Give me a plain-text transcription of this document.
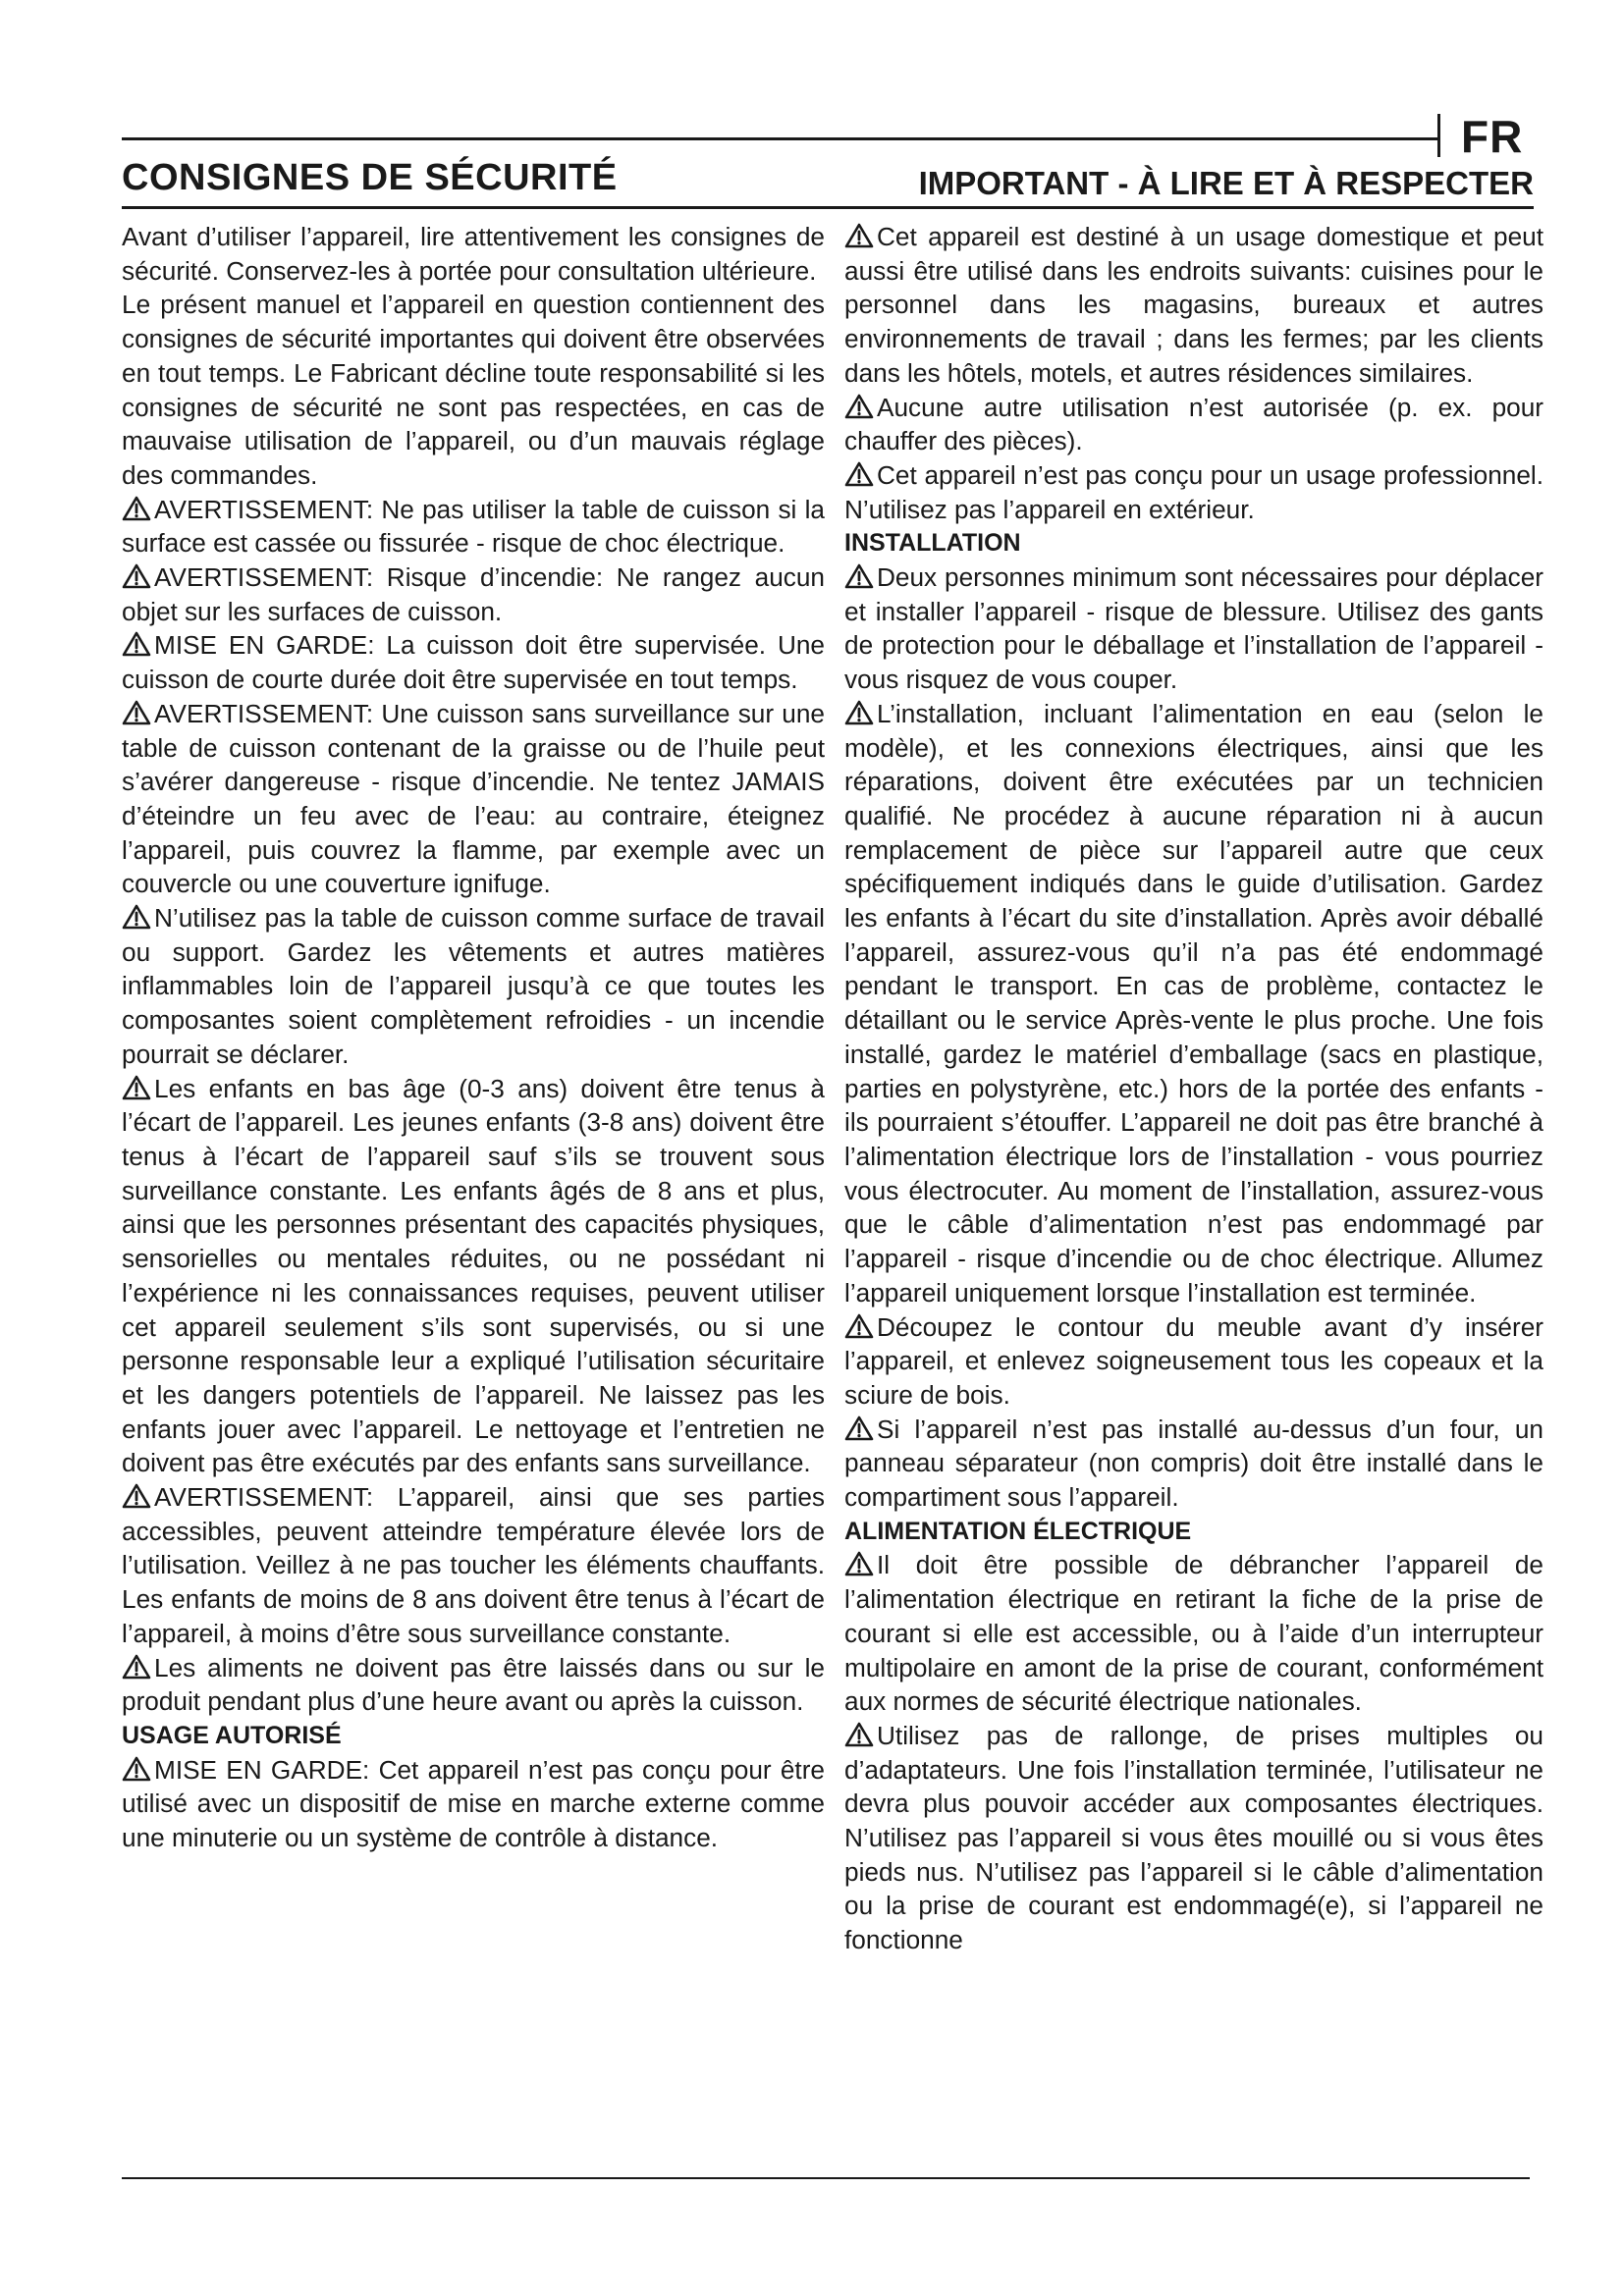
FR
CONSIGNES DE SÉCURITÉ	IMPORTANT - À LIRE ET À RESPECTER

Avant d’utiliser l’appareil, lire attentivement les consignes de sécurité. Conservez-les à portée pour consultation ultérieure.

Le présent manuel et l’appareil en question contiennent des consignes de sécurité importantes qui doivent être observées en tout temps. Le Fabricant décline toute responsabilité si les consignes de sécurité ne sont pas respectées, en cas de mauvaise utilisation de l’appareil, ou d’un mauvais réglage des commandes.

AVERTISSEMENT: Ne pas utiliser la table de cuisson si la surface est cassée ou fissurée - risque de choc électrique.

AVERTISSEMENT: Risque d’incendie: Ne rangez aucun objet sur les surfaces de cuisson.

MISE EN GARDE: La cuisson doit être supervisée. Une cuisson de courte durée doit être supervisée en tout temps.

AVERTISSEMENT: Une cuisson sans surveillance sur une table de cuisson contenant de la graisse ou de l’huile peut s’avérer dangereuse - risque d’incendie. Ne tentez JAMAIS d’éteindre un feu avec de l’eau: au contraire, éteignez l’appareil, puis couvrez la flamme, par exemple avec un couvercle ou une couverture ignifuge.

N’utilisez pas la table de cuisson comme surface de travail ou support. Gardez les vêtements et autres matières inflammables loin de l’appareil jusqu’à ce que toutes les composantes soient complètement refroidies - un incendie pourrait se déclarer.

Les enfants en bas âge (0-3 ans) doivent être tenus à l’écart de l’appareil. Les jeunes enfants (3-8 ans) doivent être tenus à l’écart de l’appareil sauf s’ils se trouvent sous surveillance constante. Les enfants âgés de 8 ans et plus, ainsi que les personnes présentant des capacités physiques, sensorielles ou mentales réduites, ou ne possédant ni l’expérience ni les connaissances requises, peuvent utiliser cet appareil seulement s’ils sont supervisés, ou si une personne responsable leur a expliqué l’utilisation sécuritaire et les dangers potentiels de l’appareil. Ne laissez pas les enfants jouer avec l’appareil. Le nettoyage et l’entretien ne doivent pas être exécutés par des enfants sans surveillance.

AVERTISSEMENT: L’appareil, ainsi que ses parties accessibles, peuvent atteindre température élevée lors de l’utilisation. Veillez à ne pas toucher les éléments chauffants. Les enfants de moins de 8 ans doivent être tenus à l’écart de l’appareil, à moins d’être sous surveillance constante.

Les aliments ne doivent pas être laissés dans ou sur le produit pendant plus d’une heure avant ou après la cuisson.

USAGE AUTORISÉ

MISE EN GARDE: Cet appareil n’est pas conçu pour être utilisé avec un dispositif de mise en marche externe comme une minuterie ou un système de contrôle à distance.

Cet appareil est destiné à un usage domestique et peut aussi être utilisé dans les endroits suivants: cuisines pour le personnel dans les magasins, bureaux et autres environnements de travail ; dans les fermes; par les clients dans les hôtels, motels, et autres résidences similaires.

Aucune autre utilisation n’est autorisée (p. ex. pour chauffer des pièces).

Cet appareil n’est pas conçu pour un usage professionnel. N’utilisez pas l’appareil en extérieur.

INSTALLATION

Deux personnes minimum sont nécessaires pour déplacer et installer l’appareil - risque de blessure. Utilisez des gants de protection pour le déballage et l’installation de l’appareil - vous risquez de vous couper.

L’installation, incluant l’alimentation en eau (selon le modèle), et les connexions électriques, ainsi que les réparations, doivent être exécutées par un technicien qualifié. Ne procédez à aucune réparation ni à aucun remplacement de pièce sur l’appareil autre que ceux spécifiquement indiqués dans le guide d’utilisation. Gardez les enfants à l’écart du site d’installation. Après avoir déballé l’appareil, assurez-vous qu’il n’a pas été endommagé pendant le transport. En cas de problème, contactez le détaillant ou le service Après-vente le plus proche. Une fois installé, gardez le matériel d’emballage (sacs en plastique, parties en polystyrène, etc.) hors de la portée des enfants - ils pourraient s’étouffer. L’appareil ne doit pas être branché à l’alimentation électrique lors de l’installation - vous pourriez vous électrocuter. Au moment de l’installation, assurez-vous que le câble d’alimentation n’est pas endommagé par l’appareil - risque d’incendie ou de choc électrique. Allumez l’appareil uniquement lorsque l’installation est terminée.

Découpez le contour du meuble avant d’y insérer l’appareil, et enlevez soigneusement tous les copeaux et la sciure de bois.

Si l’appareil n’est pas installé au-dessus d’un four, un panneau séparateur (non compris) doit être installé dans le compartiment sous l’appareil.

ALIMENTATION ÉLECTRIQUE

Il doit être possible de débrancher l’appareil de l’alimentation électrique en retirant la fiche de la prise de courant si elle est accessible, ou à l’aide d’un interrupteur multipolaire en amont de la prise de courant, conformément aux normes de sécurité électrique nationales.

Utilisez pas de rallonge, de prises multiples ou d’adaptateurs. Une fois l’installation terminée, l’utilisateur ne devra plus pouvoir accéder aux composantes électriques. N’utilisez pas l’appareil si vous êtes mouillé ou si vous êtes pieds nus. N’utilisez pas l’appareil si le câble d’alimentation ou la prise de courant est endommagé(e), si l’appareil ne fonctionne
